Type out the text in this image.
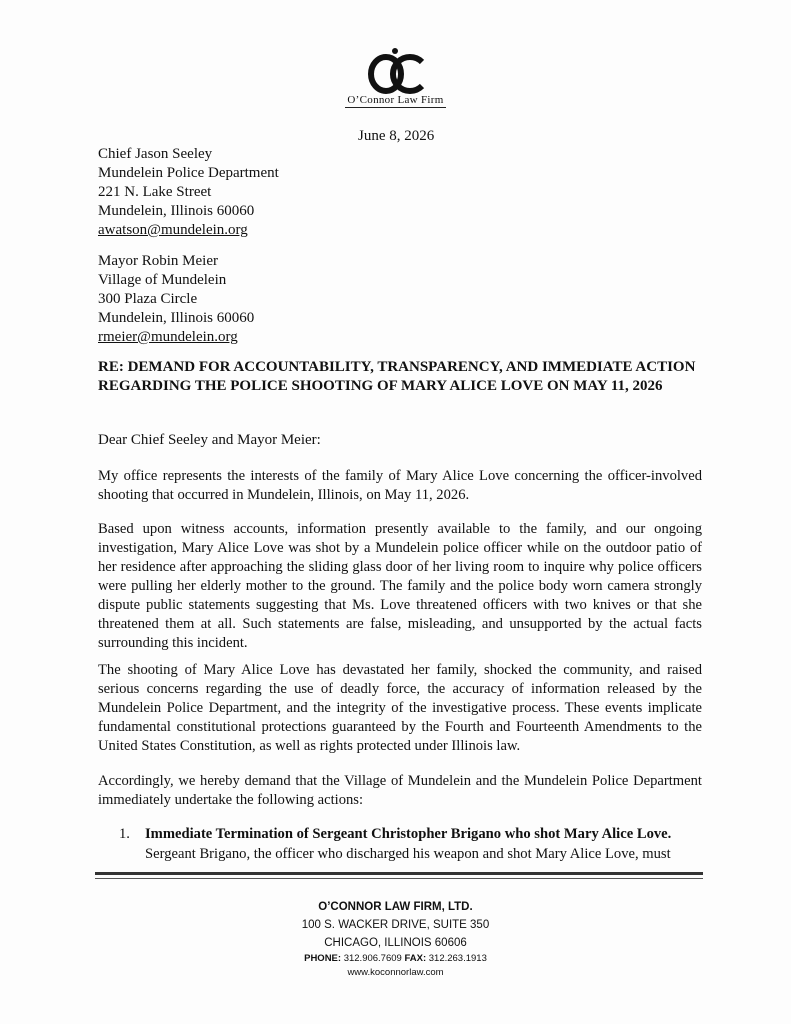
O’Connor Law Firm
June 8, 2026
Chief Jason Seeley
Mundelein Police Department
221 N. Lake Street
Mundelein, Illinois 60060
awatson@mundelein.org
Mayor Robin Meier
Village of Mundelein
300 Plaza Circle
Mundelein, Illinois 60060
rmeier@mundelein.org
RE: DEMAND FOR ACCOUNTABILITY, TRANSPARENCY, AND IMMEDIATE ACTION REGARDING THE POLICE SHOOTING OF MARY ALICE LOVE ON MAY 11, 2026
Dear Chief Seeley and Mayor Meier:
My office represents the interests of the family of Mary Alice Love concerning the officer-involved shooting that occurred in Mundelein, Illinois, on May 11, 2026.
Based upon witness accounts, information presently available to the family, and our ongoing investigation, Mary Alice Love was shot by a Mundelein police officer while on the outdoor patio of her residence after approaching the sliding glass door of her living room to inquire why police officers were pulling her elderly mother to the ground. The family and the police body worn camera strongly dispute public statements suggesting that Ms. Love threatened officers with two knives or that she threatened them at all. Such statements are false, misleading, and unsupported by the actual facts surrounding this incident.
The shooting of Mary Alice Love has devastated her family, shocked the community, and raised serious concerns regarding the use of deadly force, the accuracy of information released by the Mundelein Police Department, and the integrity of the investigative process. These events implicate fundamental constitutional protections guaranteed by the Fourth and Fourteenth Amendments to the United States Constitution, as well as rights protected under Illinois law.
Accordingly, we hereby demand that the Village of Mundelein and the Mundelein Police Department immediately undertake the following actions:
1. Immediate Termination of Sergeant Christopher Brigano who shot Mary Alice Love.
Sergeant Brigano, the officer who discharged his weapon and shot Mary Alice Love, must
O’CONNOR LAW FIRM, LTD.
100 S. WACKER DRIVE, SUITE 350
CHICAGO, ILLINOIS 60606
PHONE: 312.906.7609 FAX: 312.263.1913
www.koconnorlaw.com
